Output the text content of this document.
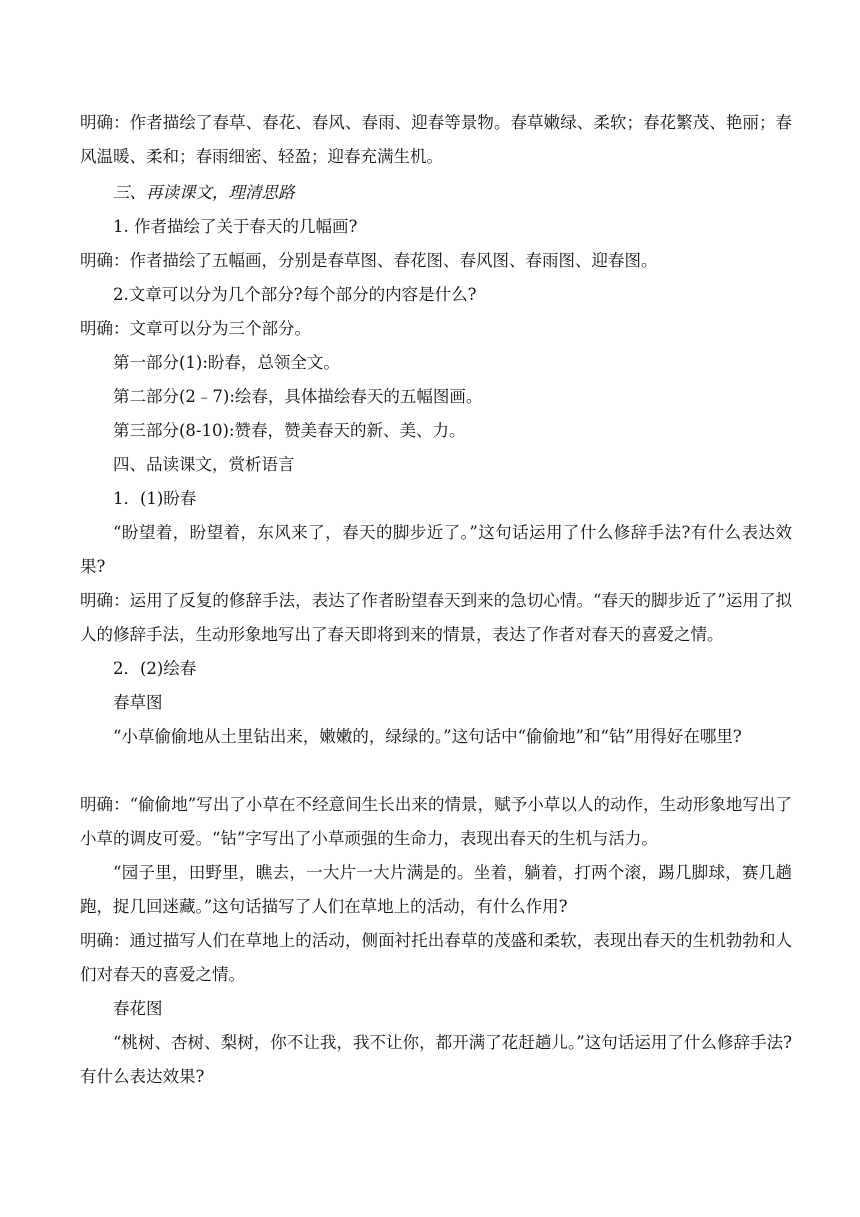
明确：作者描绘了春草、春花、春风、春雨、迎春等景物。春草嫩绿、柔软；春花繁茂、艳丽；春风温暖、柔和；春雨细密、轻盈；迎春充满生机。

三、再读课文，理清思路

1. 作者描绘了关于春天的几幅画?

明确：作者描绘了五幅画，分别是春草图、春花图、春风图、春雨图、迎春图。

2.文章可以分为几个部分?每个部分的内容是什么?

明确：文章可以分为三个部分。

第一部分(1):盼春，总领全文。

第二部分(2﹣7):绘春，具体描绘春天的五幅图画。

第三部分(8-10):赞春，赞美春天的新、美、力。

四、品读课文，赏析语言

1．(1)盼春

“盼望着，盼望着，东风来了，春天的脚步近了。”这句话运用了什么修辞手法?有什么表达效果?

明确：运用了反复的修辞手法，表达了作者盼望春天到来的急切心情。“春天的脚步近了”运用了拟人的修辞手法，生动形象地写出了春天即将到来的情景，表达了作者对春天的喜爱之情。

2．(2)绘春

春草图

“小草偷偷地从土里钻出来，嫩嫩的，绿绿的。”这句话中“偷偷地”和“钻”用得好在哪里?

明确：“偷偷地”写出了小草在不经意间生长出来的情景，赋予小草以人的动作，生动形象地写出了小草的调皮可爱。“钻”字写出了小草顽强的生命力，表现出春天的生机与活力。

“园子里，田野里，瞧去，一大片一大片满是的。坐着，躺着，打两个滚，踢几脚球，赛几趟跑，捉几回迷藏。”这句话描写了人们在草地上的活动，有什么作用?

明确：通过描写人们在草地上的活动，侧面衬托出春草的茂盛和柔软，表现出春天的生机勃勃和人们对春天的喜爱之情。

春花图

“桃树、杏树、梨树，你不让我，我不让你，都开满了花赶趟儿。”这句话运用了什么修辞手法?有什么表达效果?
